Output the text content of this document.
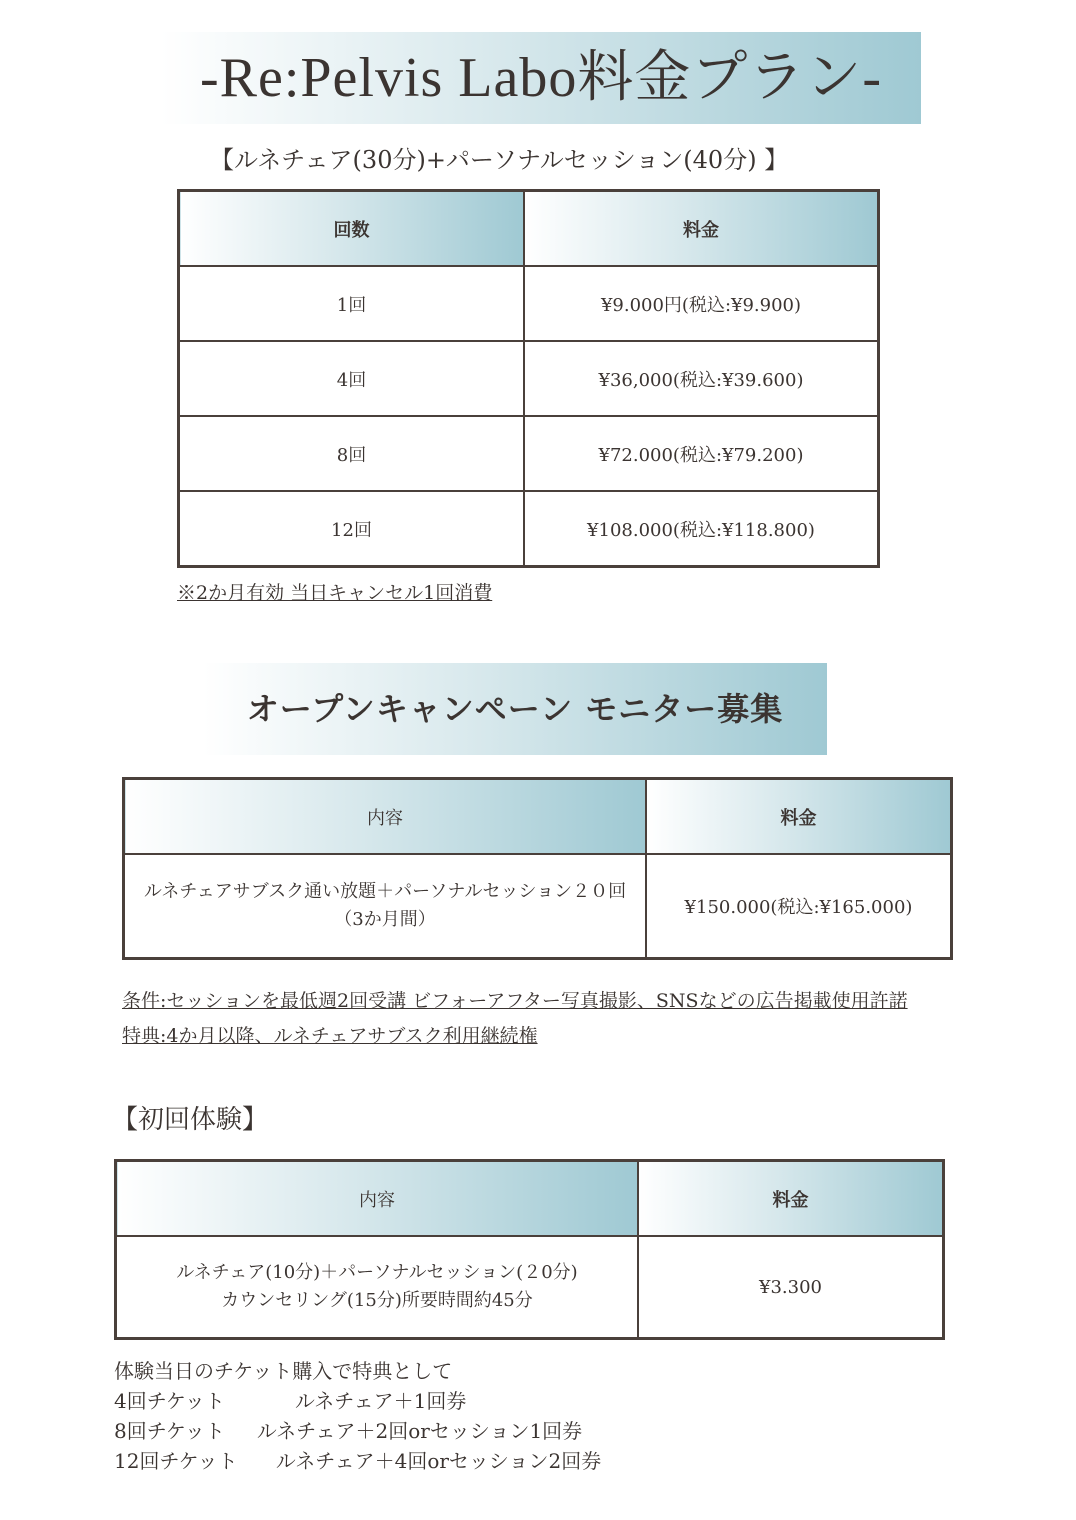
-Re:Pelvis Labo料金プラン-
【ルネチェア(30分)+パーソナルセッション(40分) 】
回数	料金
1回	¥9.000円(税込:¥9.900)
4回	¥36,000(税込:¥39.600)
8回	¥72.000(税込:¥79.200)
12回	¥108.000(税込:¥118.800)
※2か月有効 当日キャンセル1回消費
オープンキャンペーン モニター募集
内容	料金

ルネチェアサブスク通い放題＋パーソナルセッション２０回
（3か月間）	¥150.000(税込:¥165.000)
条件:セッションを最低週2回受講 ビフォーアフター写真撮影、SNSなどの広告掲載使用許諾
特典:4か月以降、ルネチェアサブスク利用継続権
【初回体験】
内容	料金

ルネチェア(10分)＋パーソナルセッション(２0分)
カウンセリング(15分)所要時間約45分	¥3.300
体験当日のチケット購入で特典として
4回チケット           ルネチェア＋1回券
8回チケット     ルネチェア＋2回orセッション1回券
12回チケット      ルネチェア＋4回orセッション2回券
